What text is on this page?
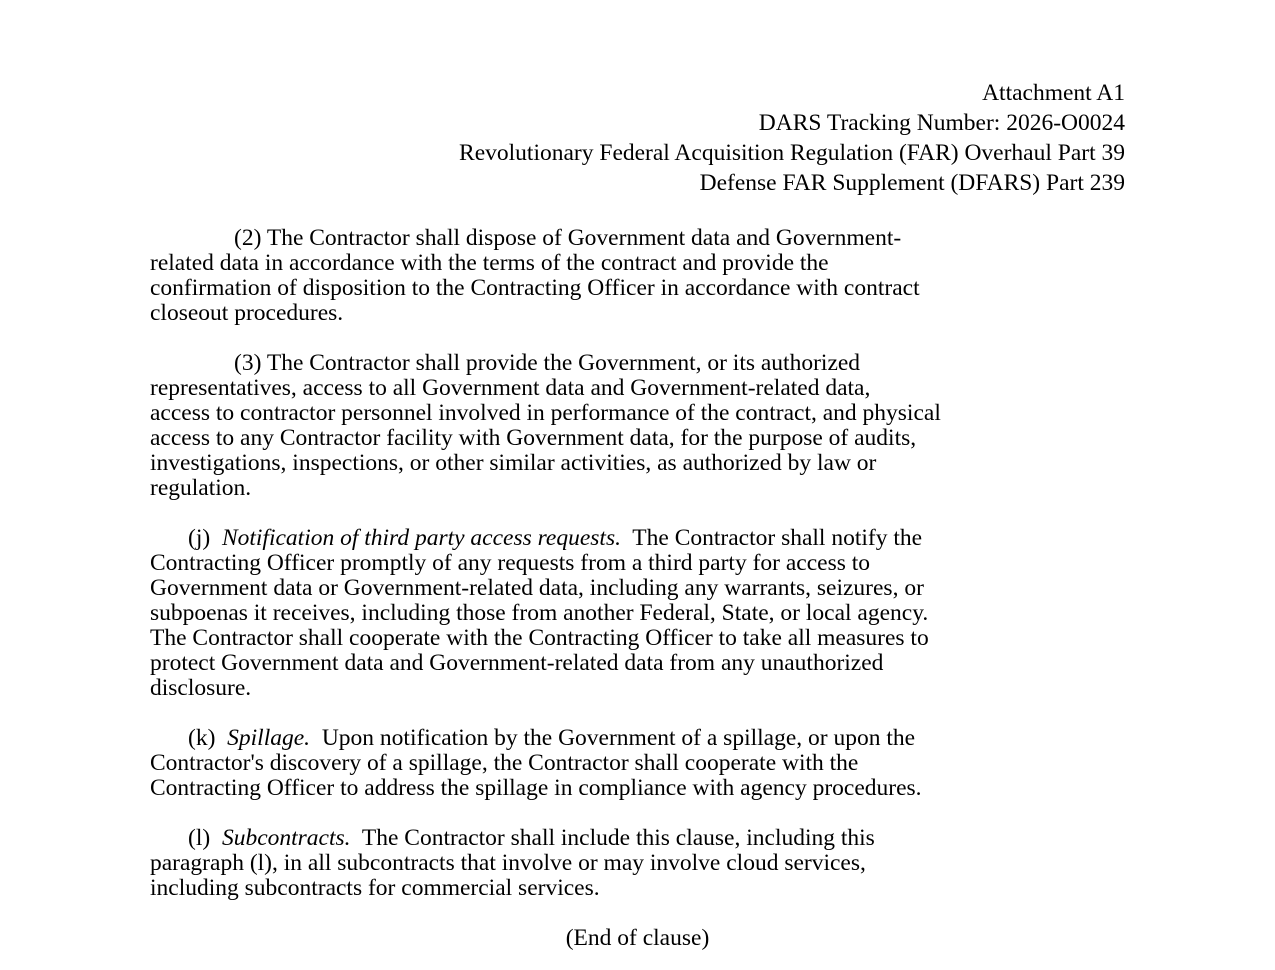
Attachment A1
DARS Tracking Number: 2026-O0024
Revolutionary Federal Acquisition Regulation (FAR) Overhaul Part 39
Defense FAR Supplement (DFARS) Part 239

(2) The Contractor shall dispose of Government data and Government-
related data in accordance with the terms of the contract and provide the
confirmation of disposition to the Contracting Officer in accordance with contract
closeout procedures.

(3) The Contractor shall provide the Government, or its authorized
representatives, access to all Government data and Government-related data,
access to contractor personnel involved in performance of the contract, and physical
access to any Contractor facility with Government data, for the purpose of audits,
investigations, inspections, or other similar activities, as authorized by law or
regulation.

(j)  Notification of third party access requests.  The Contractor shall notify the
Contracting Officer promptly of any requests from a third party for access to
Government data or Government-related data, including any warrants, seizures, or
subpoenas it receives, including those from another Federal, State, or local agency.
The Contractor shall cooperate with the Contracting Officer to take all measures to
protect Government data and Government-related data from any unauthorized
disclosure.

(k)  Spillage.  Upon notification by the Government of a spillage, or upon the
Contractor's discovery of a spillage, the Contractor shall cooperate with the
Contracting Officer to address the spillage in compliance with agency procedures.

(l)  Subcontracts.  The Contractor shall include this clause, including this
paragraph (l), in all subcontracts that involve or may involve cloud services,
including subcontracts for commercial services.

(End of clause)
